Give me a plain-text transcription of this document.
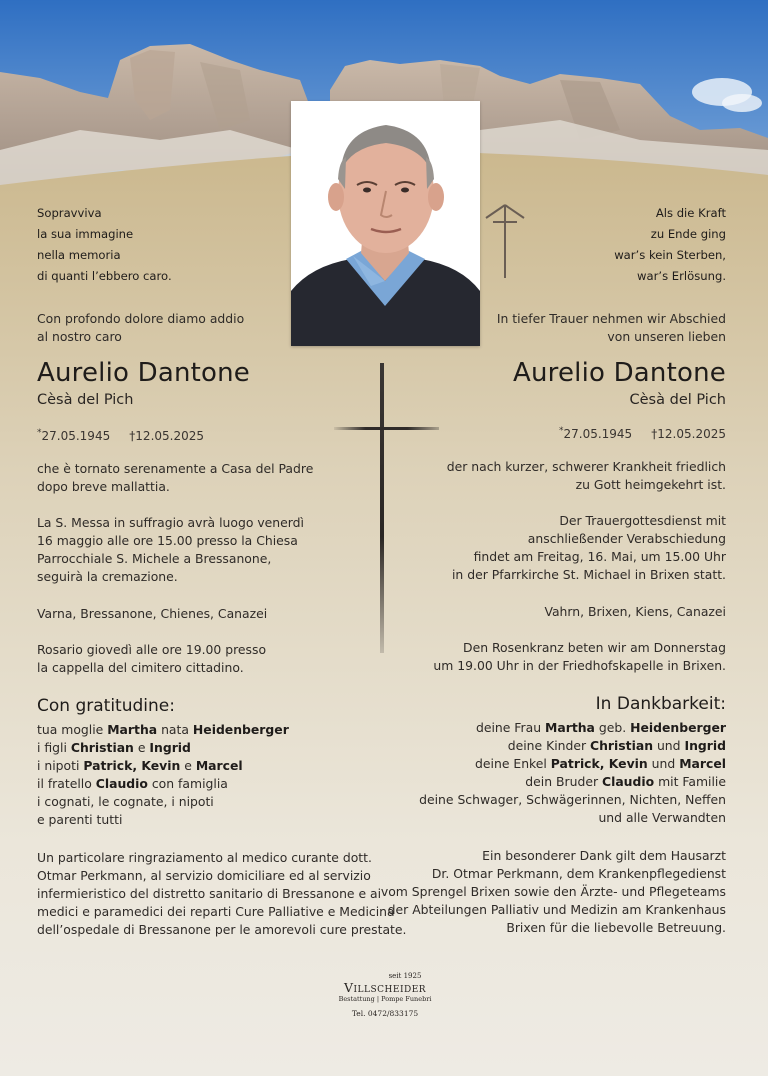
Sopravviva
la sua immagine
nella memoria
di quanti l’ebbero caro.
Con profondo dolore diamo addio
al nostro caro
Aurelio Dantone
Cèsà del Pich
*27.05.1945 †12.05.2025
che è tornato serenamente a Casa del Padre
dopo breve mallattia.
La S. Messa in suffragio avrà luogo venerdì
16 maggio alle ore 15.00 presso la Chiesa
Parrocchiale S. Michele a Bressanone,
seguirà la cremazione.
Varna, Bressanone, Chienes, Canazei
Rosario giovedì alle ore 19.00 presso
la cappella del cimitero cittadino.
Con gratitudine:
tua moglie Martha nata Heidenberger
i figli Christian e Ingrid
i nipoti Patrick, Kevin e Marcel
il fratello Claudio con famiglia
i cognati, le cognate, i nipoti
e parenti tutti
Un particolare ringraziamento al medico curante dott.
Otmar Perkmann, al servizio domiciliare ed al servizio
infermieristico del distretto sanitario di Bressanone e ai
medici e paramedici dei reparti Cure Palliative e Medicina
dell’ospedale di Bressanone per le amorevoli cure prestate.
Als die Kraft
zu Ende ging
war’s kein Sterben,
war’s Erlösung.
In tiefer Trauer nehmen wir Abschied
von unseren lieben
Aurelio Dantone
Cèsà del Pich
*27.05.1945 †12.05.2025
der nach kurzer, schwerer Krankheit friedlich
zu Gott heimgekehrt ist.
Der Trauergottesdienst mit
anschließender Verabschiedung
findet am Freitag, 16. Mai, um 15.00 Uhr
in der Pfarrkirche St. Michael in Brixen statt.
Vahrn, Brixen, Kiens, Canazei
Den Rosenkranz beten wir am Donnerstag
um 19.00 Uhr in der Friedhofskapelle in Brixen.
In Dankbarkeit:
deine Frau Martha geb. Heidenberger
deine Kinder Christian und Ingrid
deine Enkel Patrick, Kevin und Marcel
dein Bruder Claudio mit Familie
deine Schwager, Schwägerinnen, Nichten, Neffen
und alle Verwandten
Ein besonderer Dank gilt dem Hausarzt
Dr. Otmar Perkmann, dem Krankenpflegedienst
vom Sprengel Brixen sowie den Ärzte- und Pflegeteams
der Abteilungen Palliativ und Medizin am Krankenhaus
Brixen für die liebevolle Betreuung.
seit 1925
Villscheider
Bestattung | Pompe Funebri
Tel. 0472/833175
